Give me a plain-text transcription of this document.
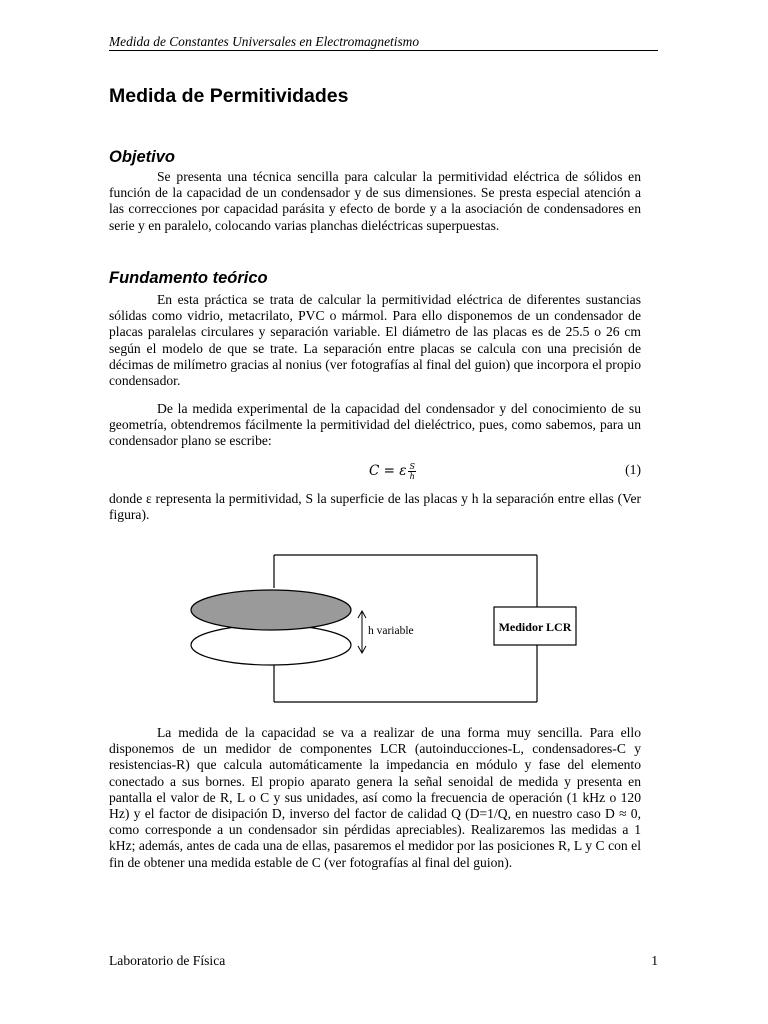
Medida de Constantes Universales en Electromagnetismo
Medida de Permitividades
Objetivo
Se presenta una técnica sencilla para calcular la permitividad eléctrica de sólidos en función de la capacidad de un condensador y de sus dimensiones. Se presta especial atención a las correcciones por capacidad parásita y efecto de borde y a la asociación de condensadores en serie y en paralelo, colocando varias planchas dieléctricas superpuestas.
Fundamento teórico
En esta práctica se trata de calcular la permitividad eléctrica de diferentes sustancias sólidas como vidrio, metacrilato, PVC o mármol. Para ello disponemos de un condensador de placas paralelas circulares y separación variable. El diámetro de las placas es de 25.5 o 26 cm según el modelo de que se trate. La separación entre placas se calcula con una precisión de décimas de milímetro gracias al nonius (ver fotografías al final del guion) que incorpora el propio condensador.
De la medida experimental de la capacidad del condensador y del conocimiento de su geometría, obtendremos fácilmente la permitividad del dieléctrico, pues, como sabemos, para un condensador plano se escribe:
C = ε $\frac{S}{h}$	(1)
donde ε representa la permitividad, S la superficie de las placas y h la separación entre ellas (Ver figura).
h variable	Medidor LCR
La medida de la capacidad se va a realizar de una forma muy sencilla. Para ello disponemos de un medidor de componentes LCR (autoinducciones-L, condensadores-C y resistencias-R) que calcula automáticamente la impedancia en módulo y fase del elemento conectado a sus bornes. El propio aparato genera la señal senoidal de medida y presenta en pantalla el valor de R, L o C y sus unidades, así como la frecuencia de operación (1 kHz o 120 Hz) y el factor de disipación D, inverso del factor de calidad Q (D=1/Q, en nuestro caso D ≈ 0, como corresponde a un condensador sin pérdidas apreciables). Realizaremos las medidas a 1 kHz; además, antes de cada una de ellas, pasaremos el medidor por las posiciones R, L y C con el fin de obtener una medida estable de C (ver fotografías al final del guion).
Laboratorio de Física	1
